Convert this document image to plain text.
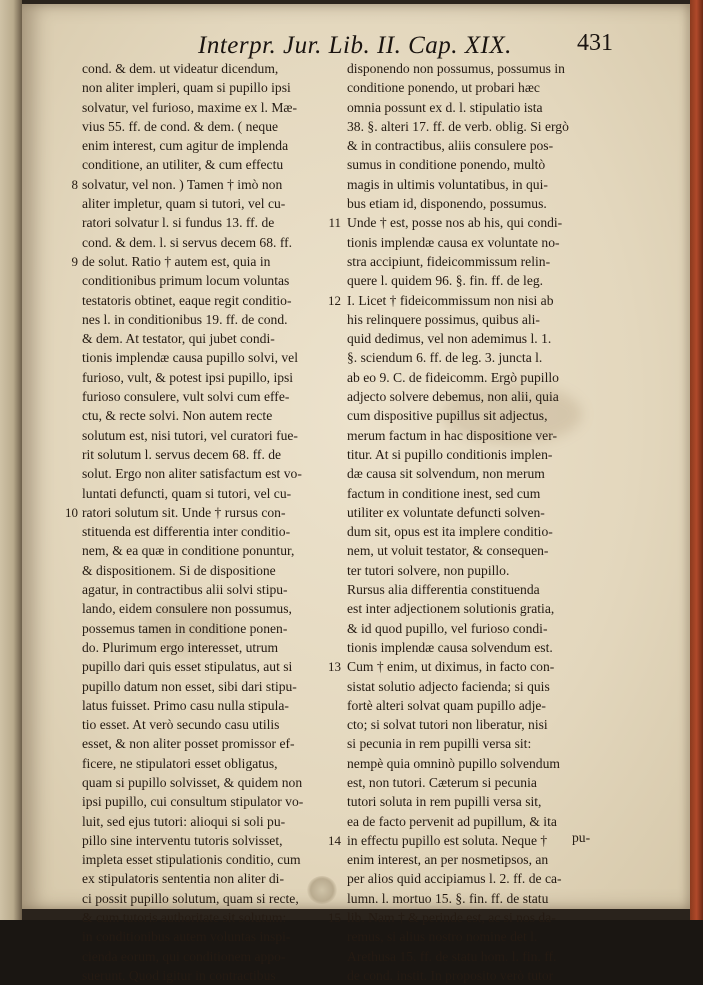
Interpr. Jur. Lib. II. Cap. XIX.	431
cond. & dem. ut videatur dicendum,
non aliter impleri, quam si pupillo ipsi
solvatur, vel furioso, maxime ex l. Mæ-
vius 55. ff. de cond. & dem. ( neque
enim interest, cum agitur de implenda
conditione, an utiliter, & cum effectu
8 solvatur, vel non. ) Tamen † imò non
aliter impletur, quam si tutori, vel cu-
ratori solvatur l. si fundus 13. ff. de
cond. & dem. l. si servus decem 68. ff.
9 de solut. Ratio † autem est, quia in
conditionibus primum locum voluntas
testatoris obtinet, eaque regit conditio-
nes l. in conditionibus 19. ff. de cond.
& dem. At testator, qui jubet condi-
tionis implendæ causa pupillo solvi, vel
furioso, vult, & potest ipsi pupillo, ipsi
furioso consulere, vult solvi cum effe-
ctu, & recte solvi. Non autem recte
solutum est, nisi tutori, vel curatori fue-
rit solutum l. servus decem 68. ff. de
solut. Ergo non aliter satisfactum est vo-
luntati defuncti, quam si tutori, vel cu-
10 ratori solutum sit. Unde † rursus con-
stituenda est differentia inter conditio-
nem, & ea quæ in conditione ponuntur,
& dispositionem. Si de dispositione
agatur, in contractibus alii solvi stipu-
lando, eidem consulere non possumus,
possemus tamen in conditione ponen-
do. Plurimum ergo interesset, utrum
pupillo dari quis esset stipulatus, aut si
pupillo datum non esset, sibi dari stipu-
latus fuisset. Primo casu nulla stipula-
tio esset. At verò secundo casu utilis
esset, & non aliter posset promissor ef-
ficere, ne stipulatori esset obligatus,
quam si pupillo solvisset, & quidem non
ipsi pupillo, cui consultum stipulator vo-
luit, sed ejus tutori: alioqui si soli pu-
pillo sine interventu tutoris solvisset,
impleta esset stipulationis conditio, cum
ex stipulatoris sententia non aliter di-
ci possit pupillo solutum, quam si recte,
& cum tutoris authoritate sit solutum:
in conditionibus autem voluntas inspi-
cienda eorum, qui conditionem appo-
suerunt. Quod igitur in contractibus
disponendo non possumus, possumus in
conditione ponendo, ut probari hæc
omnia possunt ex d. l. stipulatio ista
38. §. alteri 17. ff. de verb. oblig. Si ergò
& in contractibus, aliis consulere pos-
sumus in conditione ponendo, multò
magis in ultimis voluntatibus, in qui-
bus etiam id, disponendo, possumus.
11 Unde † est, posse nos ab his, qui condi-
tionis implendæ causa ex voluntate no-
stra accipiunt, fideicommissum relin-
quere l. quidem 96. §. fin. ff. de leg.
12 I. Licet † fideicommissum non nisi ab
his relinquere possimus, quibus ali-
quid dedimus, vel non ademimus l. 1.
§. sciendum 6. ff. de leg. 3. juncta l.
ab eo 9. C. de fideicomm. Ergò pupillo
adjecto solvere debemus, non alii, quia
cum dispositive pupillus sit adjectus,
merum factum in hac dispositione ver-
titur. At si pupillo conditionis implen-
dæ causa sit solvendum, non merum
factum in conditione inest, sed cum
utiliter ex voluntate defuncti solven-
dum sit, opus est ita implere conditio-
nem, ut voluit testator, & consequen-
ter tutori solvere, non pupillo.
Rursus alia differentia constituenda
est inter adjectionem solutionis gratia,
& id quod pupillo, vel furioso condi-
tionis implendæ causa solvendum est.
13 Cum † enim, ut diximus, in facto con-
sistat solutio adjecto facienda; si quis
fortè alteri solvat quam pupillo adje-
cto; si solvat tutori non liberatur, nisi
si pecunia in rem pupilli versa sit:
nempè quia omninò pupillo solvendum
est, non tutori. Cæterum si pecunia
tutori soluta in rem pupilli versa sit,
ea de facto pervenit ad pupillum, & ita
14 in effectu pupillo est soluta. Neque †
enim interest, an per nosmetipsos, an
per alios quid accipiamus l. 2. ff. de ca-
lumn. l. mortuo 15. §. fin. ff. de statu
15 lib. Nam † & perinde est, ac si nos da-
remus, si alius nostro nomine det l.
Arethusa 15. ff. de statu hom. l. fin. ff.
de cond. instit. In proposito verò tutor
pu-
